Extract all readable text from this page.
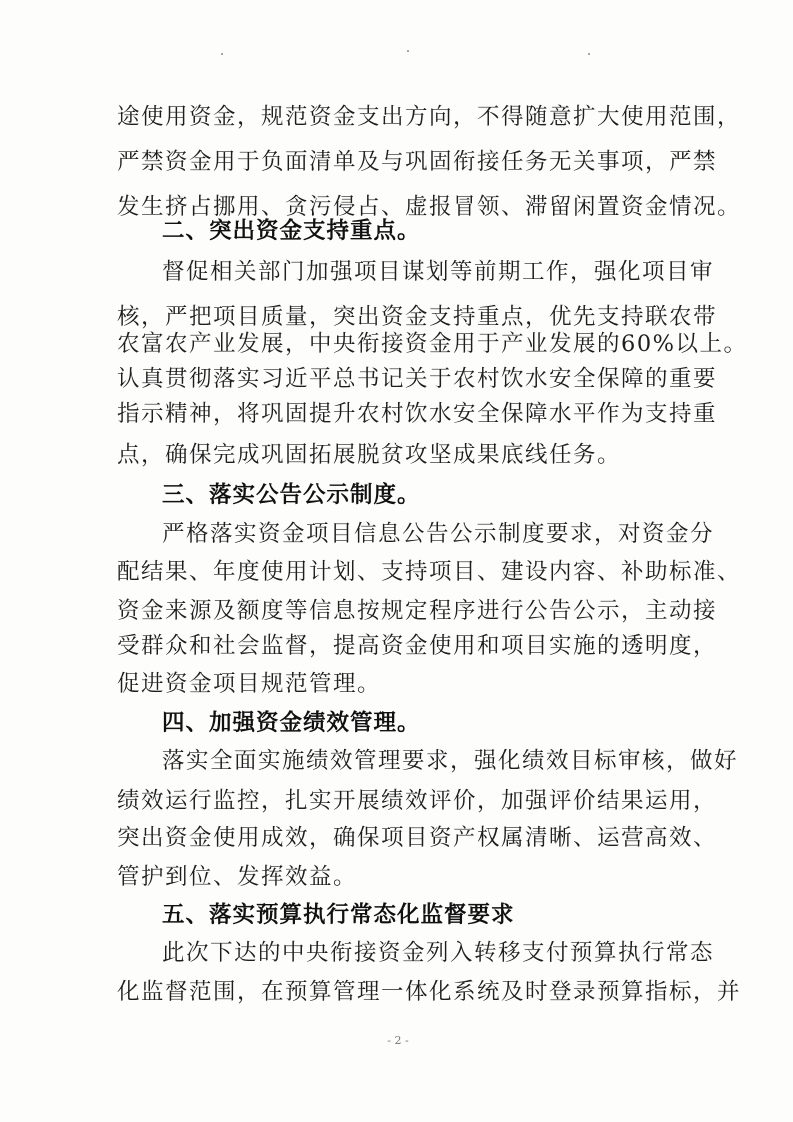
途使用资金，规范资金支出方向，不得随意扩大使用范围，
严禁资金用于负面清单及与巩固衔接任务无关事项，严禁
发生挤占挪用、贪污侵占、虚报冒领、滞留闲置资金情况。
二、突出资金支持重点。
督促相关部门加强项目谋划等前期工作，强化项目审
核，严把项目质量，突出资金支持重点，优先支持联农带
农富农产业发展，中央衔接资金用于产业发展的60%以上。
认真贯彻落实习近平总书记关于农村饮水安全保障的重要
指示精神，将巩固提升农村饮水安全保障水平作为支持重
点，确保完成巩固拓展脱贫攻坚成果底线任务。
三、落实公告公示制度。
严格落实资金项目信息公告公示制度要求，对资金分
配结果、年度使用计划、支持项目、建设内容、补助标准、
资金来源及额度等信息按规定程序进行公告公示，主动接
受群众和社会监督，提高资金使用和项目实施的透明度，
促进资金项目规范管理。
四、加强资金绩效管理。
落实全面实施绩效管理要求，强化绩效目标审核，做好
绩效运行监控，扎实开展绩效评价，加强评价结果运用，
突出资金使用成效，确保项目资产权属清晰、运营高效、
管护到位、发挥效益。
五、落实预算执行常态化监督要求
此次下达的中央衔接资金列入转移支付预算执行常态
化监督范围，在预算管理一体化系统及时登录预算指标，并
- 2 -
